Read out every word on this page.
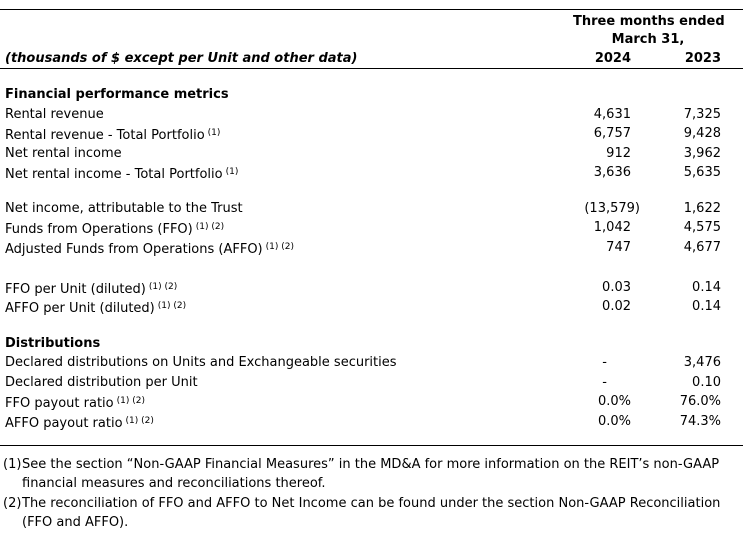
Three months ended
March 31,
(thousands of $ except per Unit and other data)	2024	2023
Financial performance metrics
Rental revenue	4,631	7,325
Rental revenue - Total Portfolio $^{(1)}$	6,757	9,428
Net rental income	912	3,962
Net rental income - Total Portfolio $^{(1)}$	3,636	5,635
Net income, attributable to the Trust	(13,579)	1,622
Funds from Operations (FFO) $^{(1) (2)}$	1,042	4,575
Adjusted Funds from Operations (AFFO) $^{(1) (2)}$	747	4,677
FFO per Unit (diluted) $^{(1) (2)}$	0.03	0.14
AFFO per Unit (diluted) $^{(1) (2)}$	0.02	0.14
Distributions
Declared distributions on Units and Exchangeable securities	-	3,476
Declared distribution per Unit	-	0.10
FFO payout ratio $^{(1) (2)}$	0.0%	76.0%
AFFO payout ratio $^{(1) (2)}$	0.0%	74.3%
(1) See the section “Non-GAAP Financial Measures” in the MD&A for more information on the REIT’s non-GAAP
financial measures and reconciliations thereof.
(2) The reconciliation of FFO and AFFO to Net Income can be found under the section Non-GAAP Reconciliation
(FFO and AFFO).
